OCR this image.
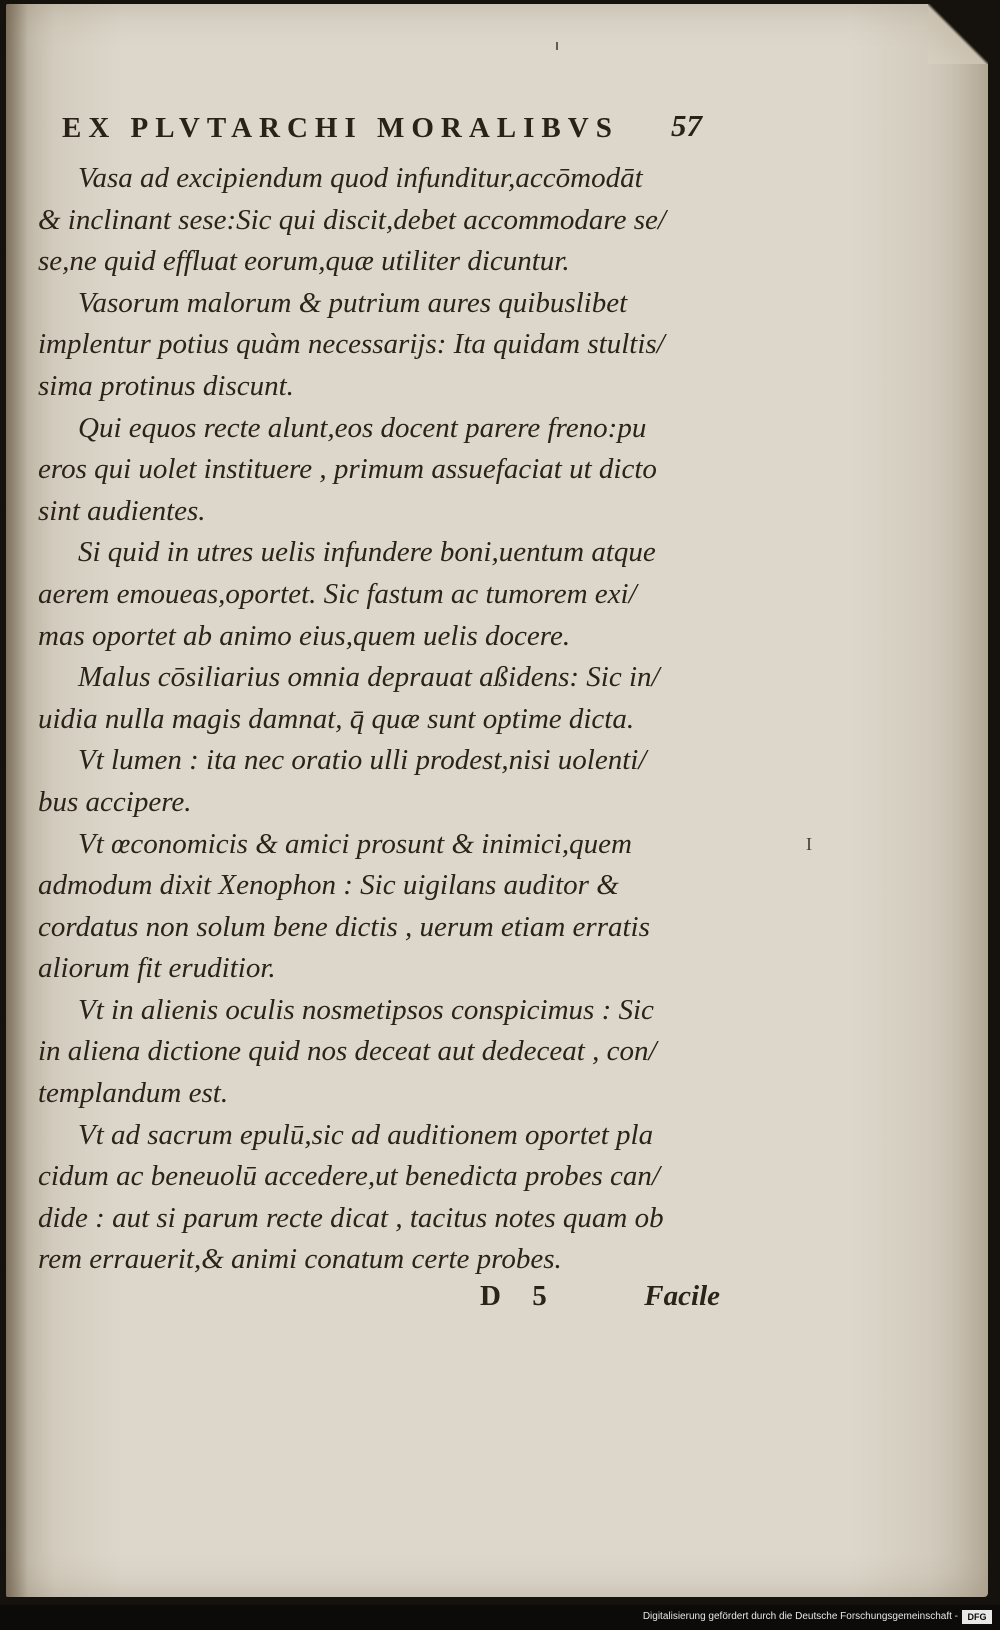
EX PLVTARCHI MORALIBVS 57
Vasa ad excipiendum quod infunditur,accōmodāt
& inclinant sese:Sic qui discit,debet accommodare se/
se,ne quid effluat eorum,quæ utiliter dicuntur.
Vasorum malorum & putrium aures quibuslibet
implentur potius quàm necessarijs: Ita quidam stultis/
sima protinus discunt.
Qui equos recte alunt,eos docent parere freno:pu
eros qui uolet instituere , primum assuefaciat ut dicto
sint audientes.
Si quid in utres uelis infundere boni,uentum atque
aerem emoueas,oportet. Sic fastum ac tumorem exi/
mas oportet ab animo eius,quem uelis docere.
Malus cōsiliarius omnia deprauat aßidens: Sic in/
uidia nulla magis damnat, q̄ quæ sunt optime dicta.
Vt lumen : ita nec oratio ulli prodest,nisi uolenti/
bus accipere.
Vt œconomicis & amici prosunt & inimici,quem
admodum dixit Xenophon : Sic uigilans auditor &
cordatus non solum bene dictis , uerum etiam erratis
aliorum fit eruditior.
Vt in alienis oculis nosmetipsos conspicimus : Sic
in aliena dictione quid nos deceat aut dedeceat , con/
templandum est.
Vt ad sacrum epulū,sic ad auditionem oportet pla
cidum ac beneuolū accedere,ut benedicta probes can/
dide : aut si parum recte dicat , tacitus notes quam ob
rem errauerit,& animi conatum certe probes.
I
D 5	Facile
Digitalisierung gefördert durch die Deutsche Forschungsgemeinschaft -	DFG
